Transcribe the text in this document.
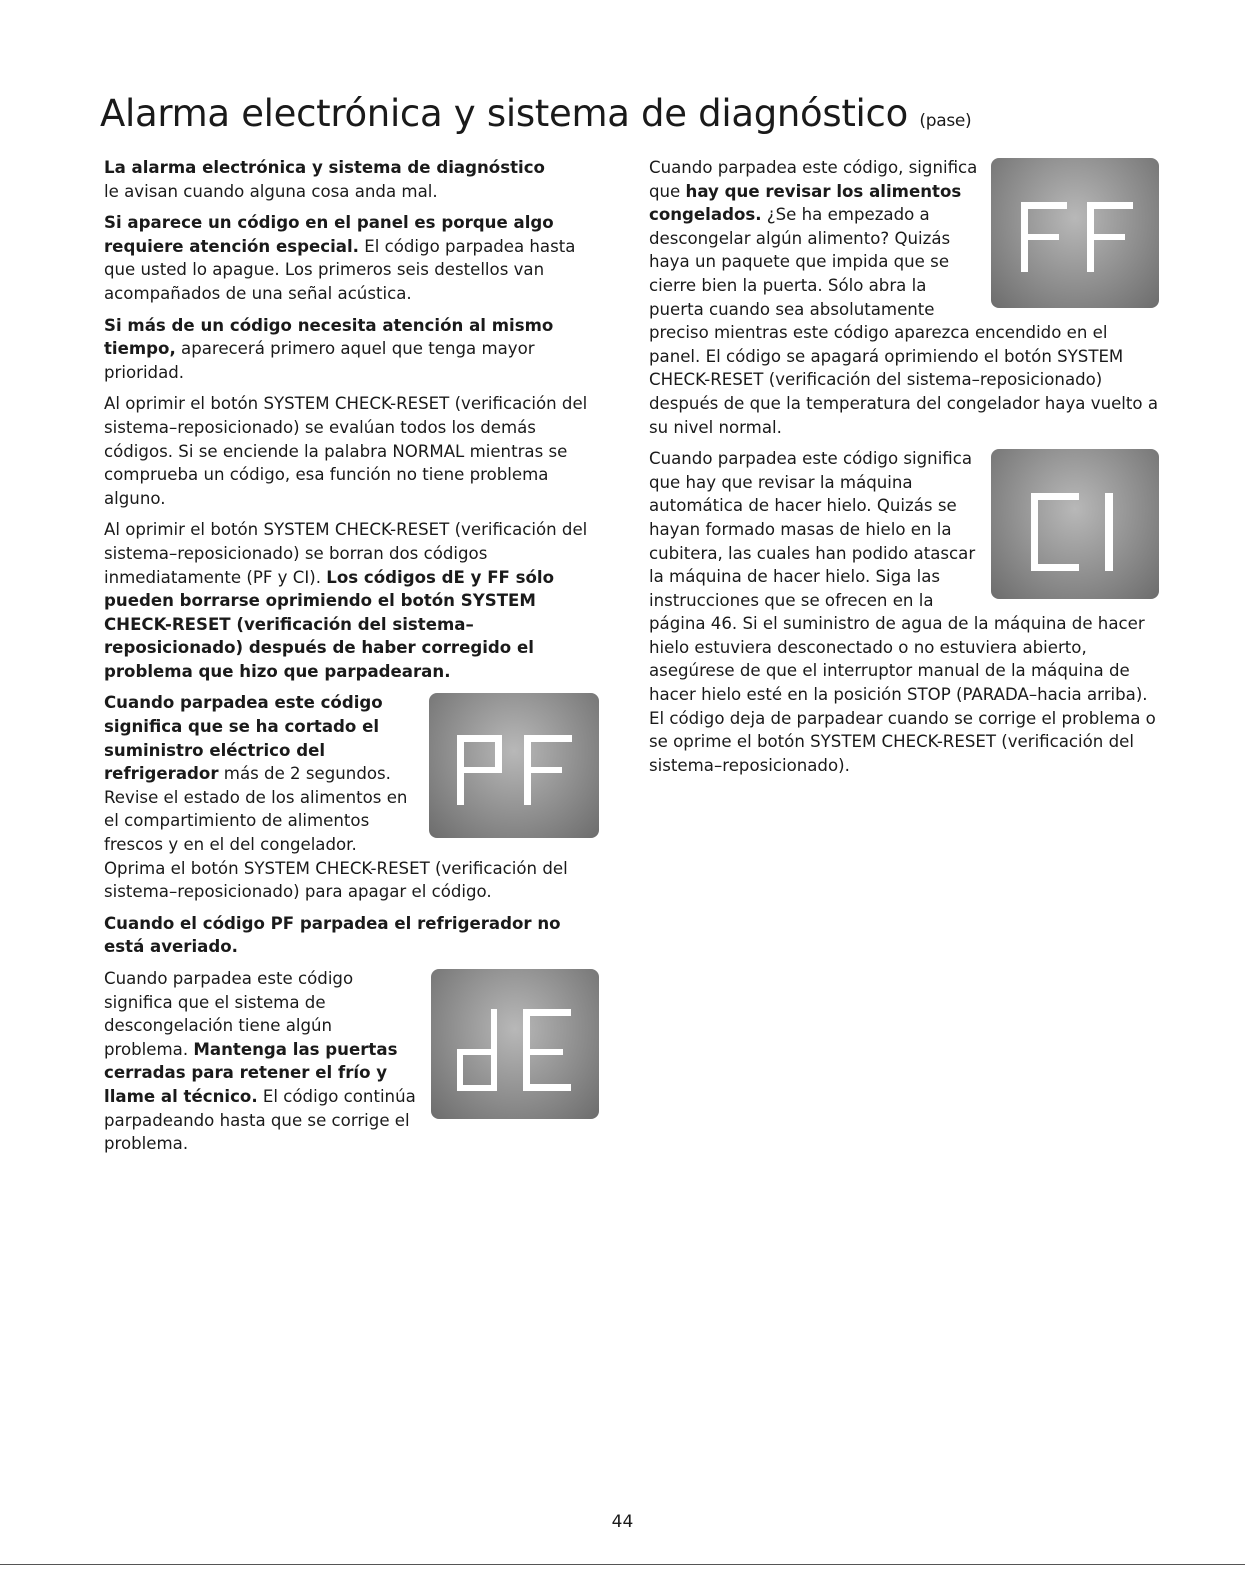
Alarma electrónica y sistema de diagnóstico (pase)

La alarma electrónica y sistema de diagnóstico
le avisan cuando alguna cosa anda mal.

Si aparece un código en el panel es porque algo requiere atención especial. El código parpadea hasta que usted lo apague. Los primeros seis destellos van acompañados de una señal acústica.

Si más de un código necesita atención al mismo tiempo, aparecerá primero aquel que tenga mayor prioridad.

Al oprimir el botón SYSTEM CHECK-RESET (verificación del sistema–reposicionado) se evalúan todos los demás códigos. Si se enciende la palabra NORMAL mientras se comprueba un código, esa función no tiene problema alguno.

Al oprimir el botón SYSTEM CHECK-RESET (verificación del sistema–reposicionado) se borran dos códigos inmediatamente (PF y CI). Los códigos dE y FF sólo pueden borrarse oprimiendo el botón SYSTEM CHECK-RESET (verificación del sistema–reposicionado) después de haber corregido el problema que hizo que parpadearan.

Cuando parpadea este código significa que se ha cortado el suministro eléctrico del refrigerador más de 2 segundos. Revise el estado de los alimentos en el compartimiento de alimentos frescos y en el del congelador. Oprima el botón SYSTEM CHECK-RESET (verificación del sistema–reposicionado) para apagar el código.

Cuando el código PF parpadea el refrigerador no está averiado.

Cuando parpadea este código significa que el sistema de descongelación tiene algún problema. Mantenga las puertas cerradas para retener el frío y llame al técnico. El código continúa parpadeando hasta que se corrige el problema.

Cuando parpadea este código, significa que hay que revisar los alimentos congelados. ¿Se ha empezado a descongelar algún alimento? Quizás haya un paquete que impida que se cierre bien la puerta. Sólo abra la puerta cuando sea absolutamente preciso mientras este código aparezca encendido en el panel. El código se apagará oprimiendo el botón SYSTEM CHECK-RESET (verificación del sistema–reposicionado) después de que la temperatura del congelador haya vuelto a su nivel normal.

Cuando parpadea este código significa que hay que revisar la máquina automática de hacer hielo. Quizás se hayan formado masas de hielo en la cubitera, las cuales han podido atascar la máquina de hacer hielo. Siga las instrucciones que se ofrecen en la página 46. Si el suministro de agua de la máquina de hacer hielo estuviera desconectado o no estuviera abierto, asegúrese de que el interruptor manual de la máquina de hacer hielo esté en la posición STOP (PARADA–hacia arriba). El código deja de parpadear cuando se corrige el problema o se oprime el botón SYSTEM CHECK-RESET (verificación del sistema–reposicionado).

44
